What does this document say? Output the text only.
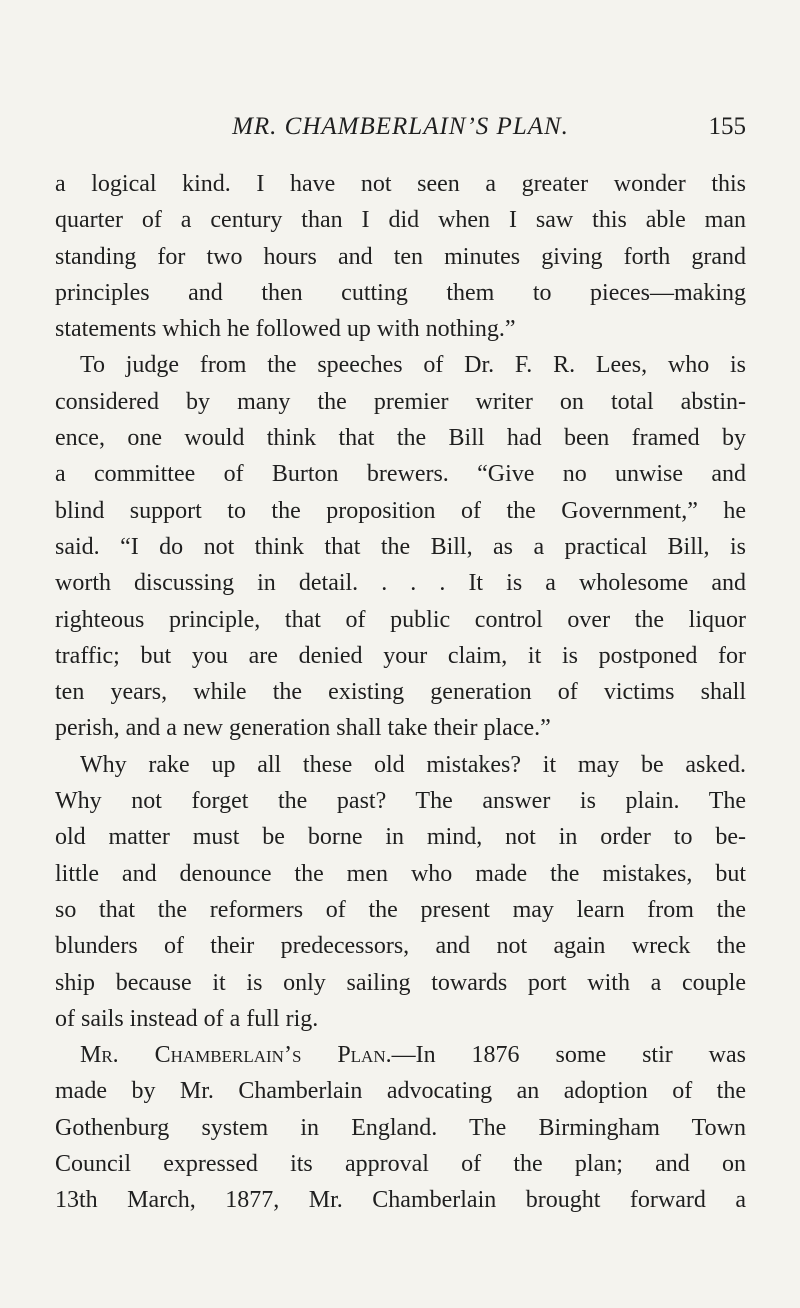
MR. CHAMBERLAIN’S PLAN.	155
a logical kind. I have not seen a greater wonder this
quarter of a century than I did when I saw this able man
standing for two hours and ten minutes giving forth grand
principles and then cutting them to pieces—making
statements which he followed up with nothing.”
To judge from the speeches of Dr. F. R. Lees, who is
considered by many the premier writer on total abstin-
ence, one would think that the Bill had been framed by
a committee of Burton brewers. “Give no unwise and
blind support to the proposition of the Government,” he
said. “I do not think that the Bill, as a practical Bill, is
worth discussing in detail. . . . It is a wholesome and
righteous principle, that of public control over the liquor
traffic; but you are denied your claim, it is postponed for
ten years, while the existing generation of victims shall
perish, and a new generation shall take their place.”
Why rake up all these old mistakes? it may be asked.
Why not forget the past? The answer is plain. The
old matter must be borne in mind, not in order to be-
little and denounce the men who made the mistakes, but
so that the reformers of the present may learn from the
blunders of their predecessors, and not again wreck the
ship because it is only sailing towards port with a couple
of sails instead of a full rig.
Mr. Chamberlain’s Plan.—In 1876 some stir was
made by Mr. Chamberlain advocating an adoption of the
Gothenburg system in England. The Birmingham Town
Council expressed its approval of the plan; and on
13th March, 1877, Mr. Chamberlain brought forward a
